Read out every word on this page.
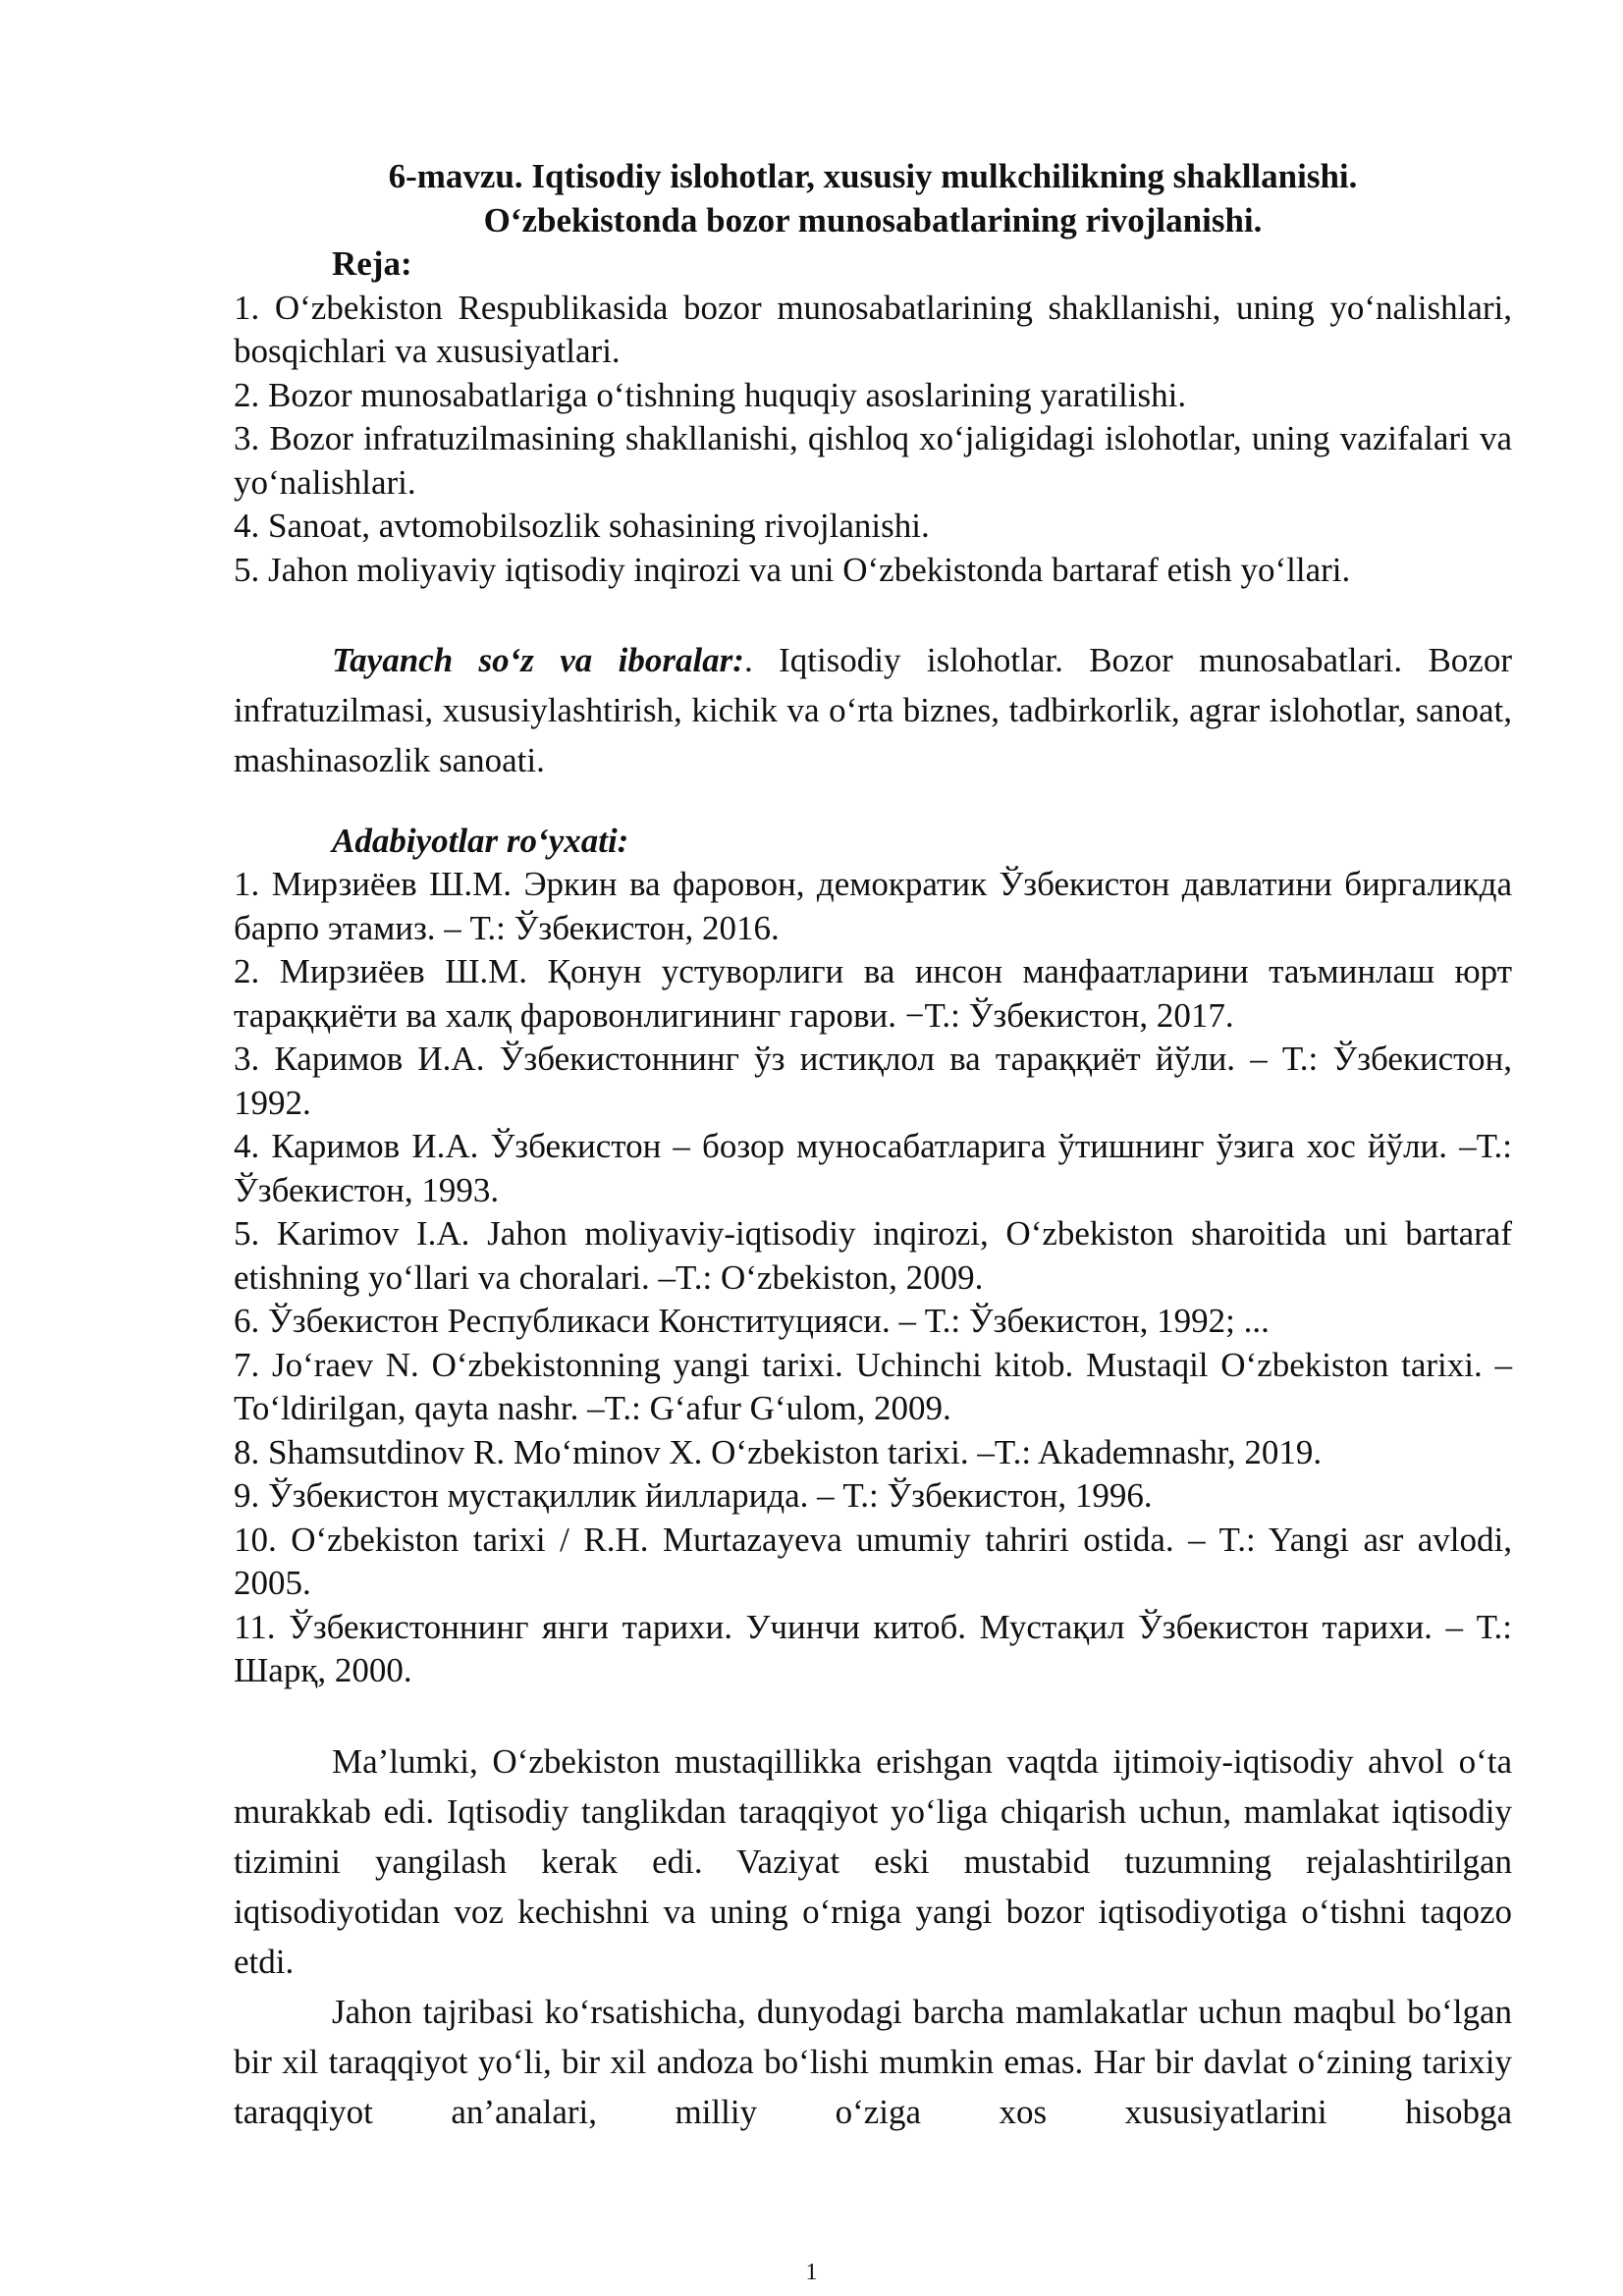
6-mavzu. Iqtisodiy islohotlar, xususiy mulkchilikning shakllanishi.

O‘zbekistonda bozor munosabatlarining rivojlanishi.

Reja:

1. O‘zbekiston Respublikasida bozor munosabatlarining shakllanishi, uning yo‘nalishlari, bosqichlari va xususiyatlari.

2. Bozor munosabatlariga o‘tishning huquqiy asoslarining yaratilishi.

3. Bozor infratuzilmasining shakllanishi, qishloq xo‘jaligidagi islohotlar, uning vazifalari va yo‘nalishlari.

4. Sanoat, avtomobilsozlik sohasining rivojlanishi.

5. Jahon moliyaviy iqtisodiy inqirozi va uni O‘zbekistonda bartaraf etish yo‘llari.

Tayanch so‘z va iboralar:. Iqtisodiy islohotlar. Bozor munosabatlari. Bozor infratuzilmasi, xususiylashtirish, kichik va o‘rta biznes, tadbirkorlik, agrar islohotlar, sanoat, mashinasozlik sanoati.

Adabiyotlar ro‘yxati:

1. Мирзиёев Ш.М. Эркин ва фаровон, демократик Ўзбекистон давлатини биргаликда барпо этамиз. – Т.: Ўзбекистон, 2016.

2. Мирзиёев Ш.М. Қонун устуворлиги ва инсон манфаатларини таъминлаш юрт тараққиёти ва халқ фаровонлигининг гарови. −Т.: Ўзбекистон, 2017.

3. Каримов И.А. Ўзбекистоннинг ўз истиқлол ва тараққиёт йўли. – Т.: Ўзбекистон, 1992.

4. Каримов И.А. Ўзбекистон – бозор муносабатларига ўтишнинг ўзига хос йўли. –Т.: Ўзбекистон, 1993.

5. Karimov I.A. Jahon moliyaviy-iqtisodiy inqirozi, O‘zbekiston sharoitida uni bartaraf etishning yo‘llari va choralari. –T.: O‘zbekiston, 2009.

6. Ўзбекистон Республикаси Конституцияси. – Т.: Ўзбекистон, 1992; ...

7. Jo‘raev N. O‘zbekistonning yangi tarixi. Uchinchi kitob. Mustaqil O‘zbekiston tarixi. – To‘ldirilgan, qayta nashr. –T.: G‘afur G‘ulom, 2009.

8. Shamsutdinov R. Mo‘minov X. O‘zbekiston tarixi. –T.: Akademnashr, 2019.

9. Ўзбекистон мустақиллик йилларида. – Т.: Ўзбекистон, 1996.

10. O‘zbekiston tarixi / R.H. Murtazayeva umumiy tahriri ostida. – T.: Yangi asr avlodi, 2005.

11. Ўзбекистоннинг янги тарихи. Учинчи китоб. Мустақил Ўзбекистон тарихи. – Т.: Шарқ, 2000.

Ma’lumki, O‘zbekiston mustaqillikka erishgan vaqtda ijtimoiy-iqtisodiy ahvol o‘ta murakkab edi. Iqtisodiy tanglikdan taraqqiyot yo‘liga chiqarish uchun, mamlakat iqtisodiy tizimini yangilash kerak edi. Vaziyat eski mustabid tuzumning rejalashtirilgan iqtisodiyotidan voz kechishni va uning o‘rniga yangi bozor iqtisodiyotiga o‘tishni taqozo etdi.

Jahon tajribasi ko‘rsatishicha, dunyodagi barcha mamlakatlar uchun maqbul bo‘lgan bir xil taraqqiyot yo‘li, bir xil andoza bo‘lishi mumkin emas. Har bir davlat o‘zining tarixiy taraqqiyot an’analari, milliy o‘ziga xos xususiyatlarini hisobga

1
